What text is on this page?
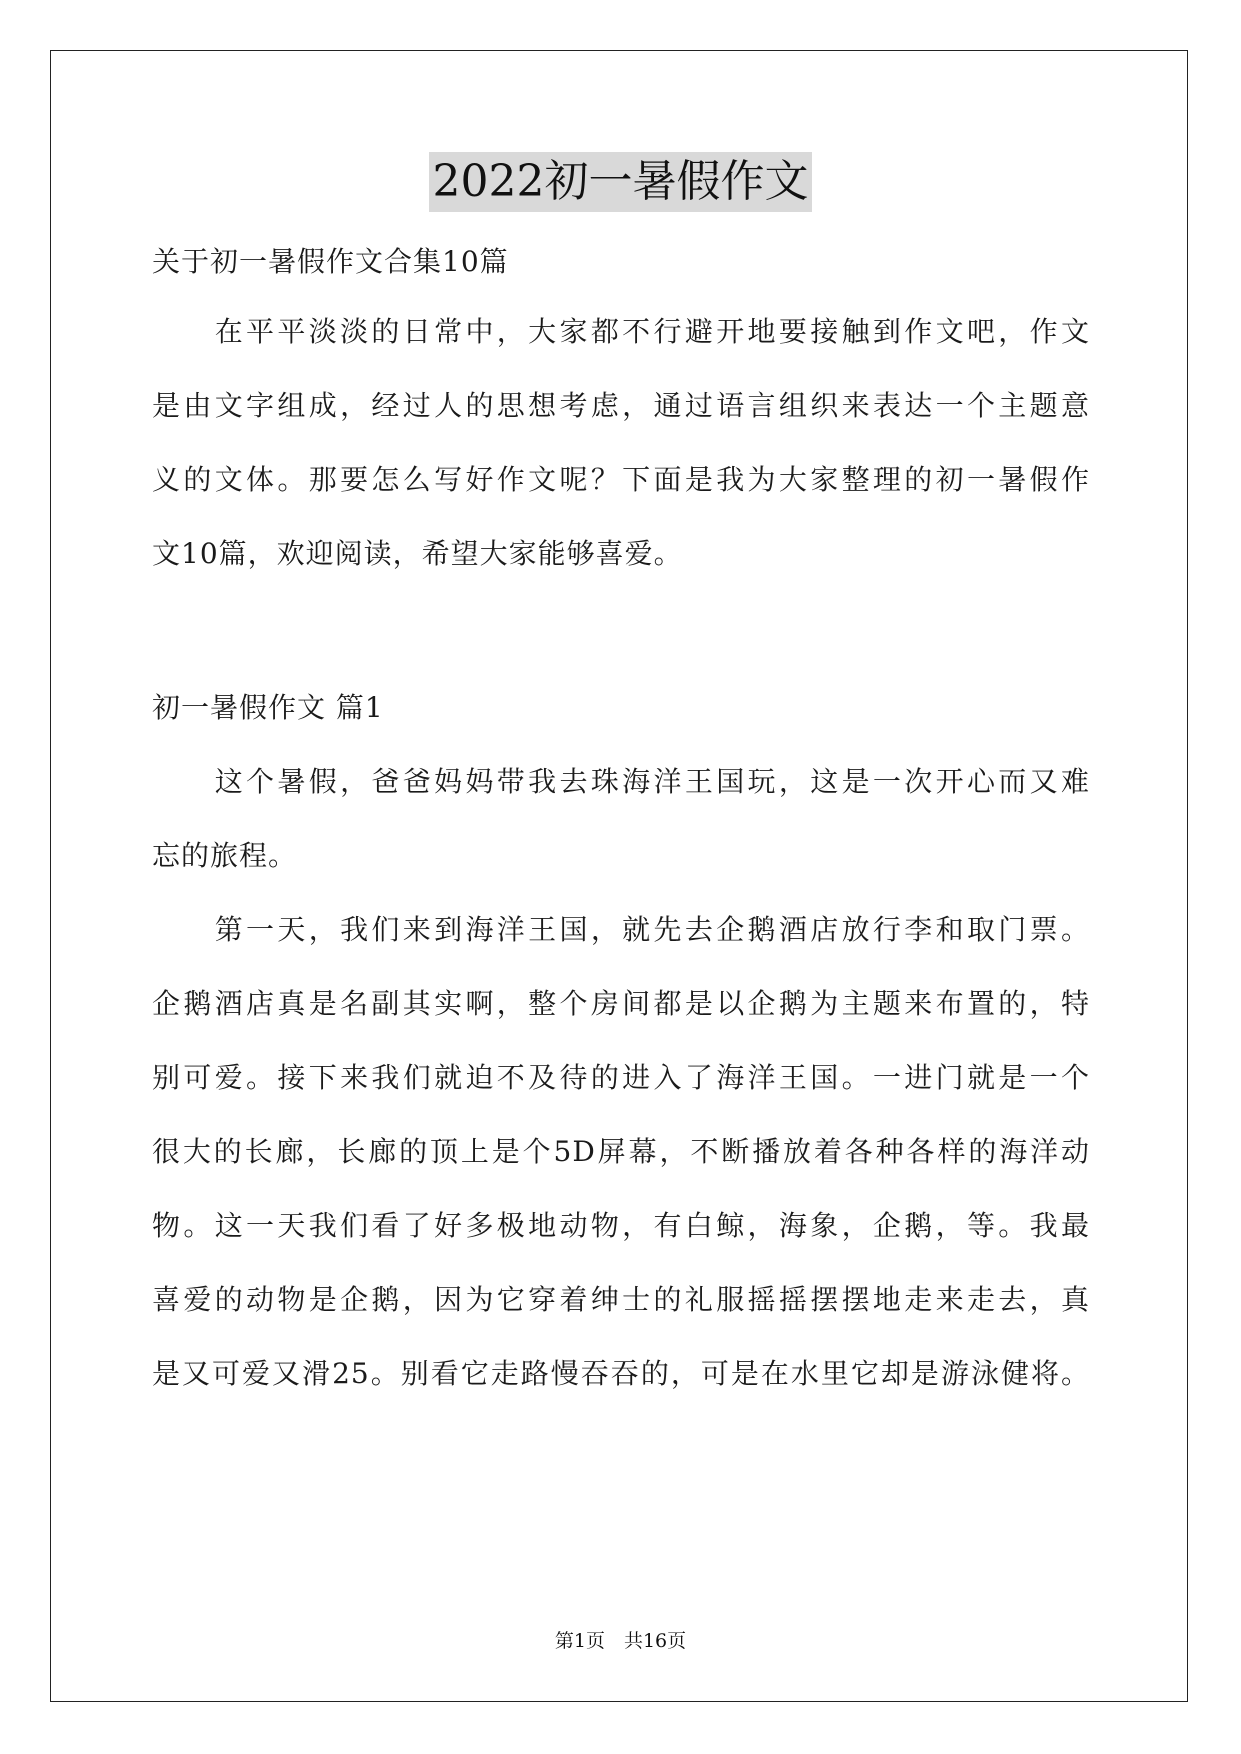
2022初一暑假作文
关于初一暑假作文合集10篇
　　在平平淡淡的日常中，大家都不行避开地要接触到作文吧，作文
是由文字组成，经过人的思想考虑，通过语言组织来表达一个主题意
义的文体。那要怎么写好作文呢？下面是我为大家整理的初一暑假作
文10篇，欢迎阅读，希望大家能够喜爱。
初一暑假作文 篇1
　　这个暑假，爸爸妈妈带我去珠海洋王国玩，这是一次开心而又难
忘的旅程。
　　第一天，我们来到海洋王国，就先去企鹅酒店放行李和取门票。
企鹅酒店真是名副其实啊，整个房间都是以企鹅为主题来布置的，特
别可爱。接下来我们就迫不及待的进入了海洋王国。一进门就是一个
很大的长廊，长廊的顶上是个5D屏幕，不断播放着各种各样的海洋动
物。这一天我们看了好多极地动物，有白鲸，海象，企鹅，等。我最
喜爱的动物是企鹅，因为它穿着绅士的礼服摇摇摆摆地走来走去，真
是又可爱又滑25。别看它走路慢吞吞的，可是在水里它却是游泳健将。
第1页　共16页
